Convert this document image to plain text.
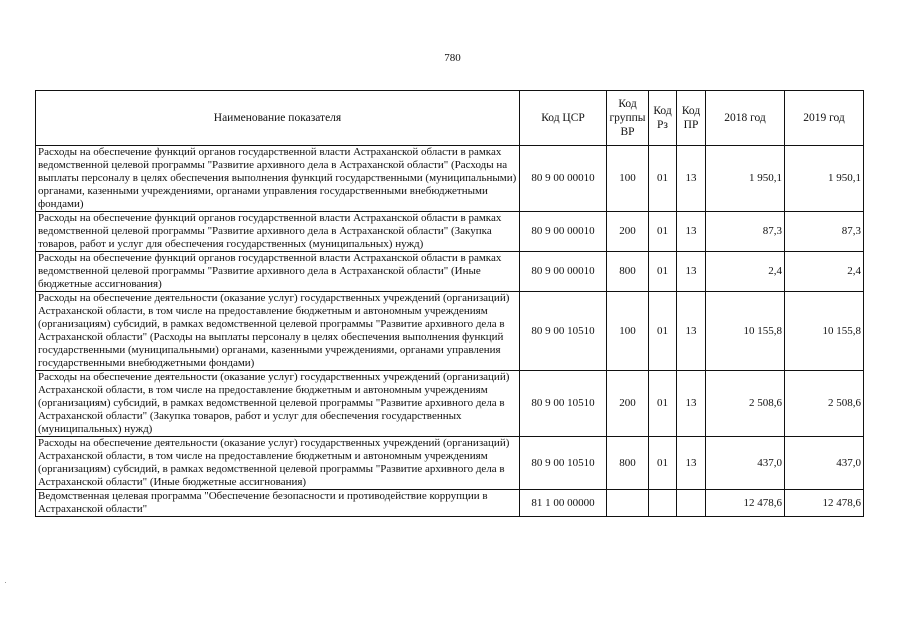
780
Наименование показателя	Код ЦСР	Код группы ВР	Код Рз	Код ПР	2018 год	2019 год
Расходы на обеспечение функций органов государственной власти Астраханской области в рамках ведомственной целевой программы "Развитие архивного дела в Астраханской области" (Расходы на выплаты персоналу в целях обеспечения выполнения функций государственными (муниципальными) органами, казенными учреждениями, органами управления государственными внебюджетными фондами)	80 9 00 00010	100	01	13	1 950,1	1 950,1
Расходы на обеспечение функций органов государственной власти Астраханской области в рамках ведомственной целевой программы "Развитие архивного дела в Астраханской области" (Закупка товаров, работ и услуг для обеспечения государственных (муниципальных) нужд)	80 9 00 00010	200	01	13	87,3	87,3
Расходы на обеспечение функций органов государственной власти Астраханской области в рамках ведомственной целевой программы "Развитие архивного дела в Астраханской области" (Иные бюджетные ассигнования)	80 9 00 00010	800	01	13	2,4	2,4
Расходы на обеспечение деятельности (оказание услуг) государственных учреждений (организаций) Астраханской области, в том числе на предоставление бюджетным и автономным учреждениям (организациям) субсидий, в рамках ведомственной целевой программы "Развитие архивного дела в Астраханской области" (Расходы на выплаты персоналу в целях обеспечения выполнения функций государственными (муниципальными) органами, казенными учреждениями, органами управления государственными внебюджетными фондами)	80 9 00 10510	100	01	13	10 155,8	10 155,8
Расходы на обеспечение деятельности (оказание услуг) государственных учреждений (организаций) Астраханской области, в том числе на предоставление бюджетным и автономным учреждениям (организациям) субсидий, в рамках ведомственной целевой программы "Развитие архивного дела в Астраханской области" (Закупка товаров, работ и услуг для обеспечения государственных (муниципальных) нужд)	80 9 00 10510	200	01	13	2 508,6	2 508,6
Расходы на обеспечение деятельности (оказание услуг) государственных учреждений (организаций) Астраханской области, в том числе на предоставление бюджетным и автономным учреждениям (организациям) субсидий, в рамках ведомственной целевой программы "Развитие архивного дела в Астраханской области" (Иные бюджетные ассигнования)	80 9 00 10510	800	01	13	437,0	437,0
Ведомственная целевая программа "Обеспечение безопасности и противодействие коррупции в Астраханской области"	81 1 00 00000				12 478,6	12 478,6
